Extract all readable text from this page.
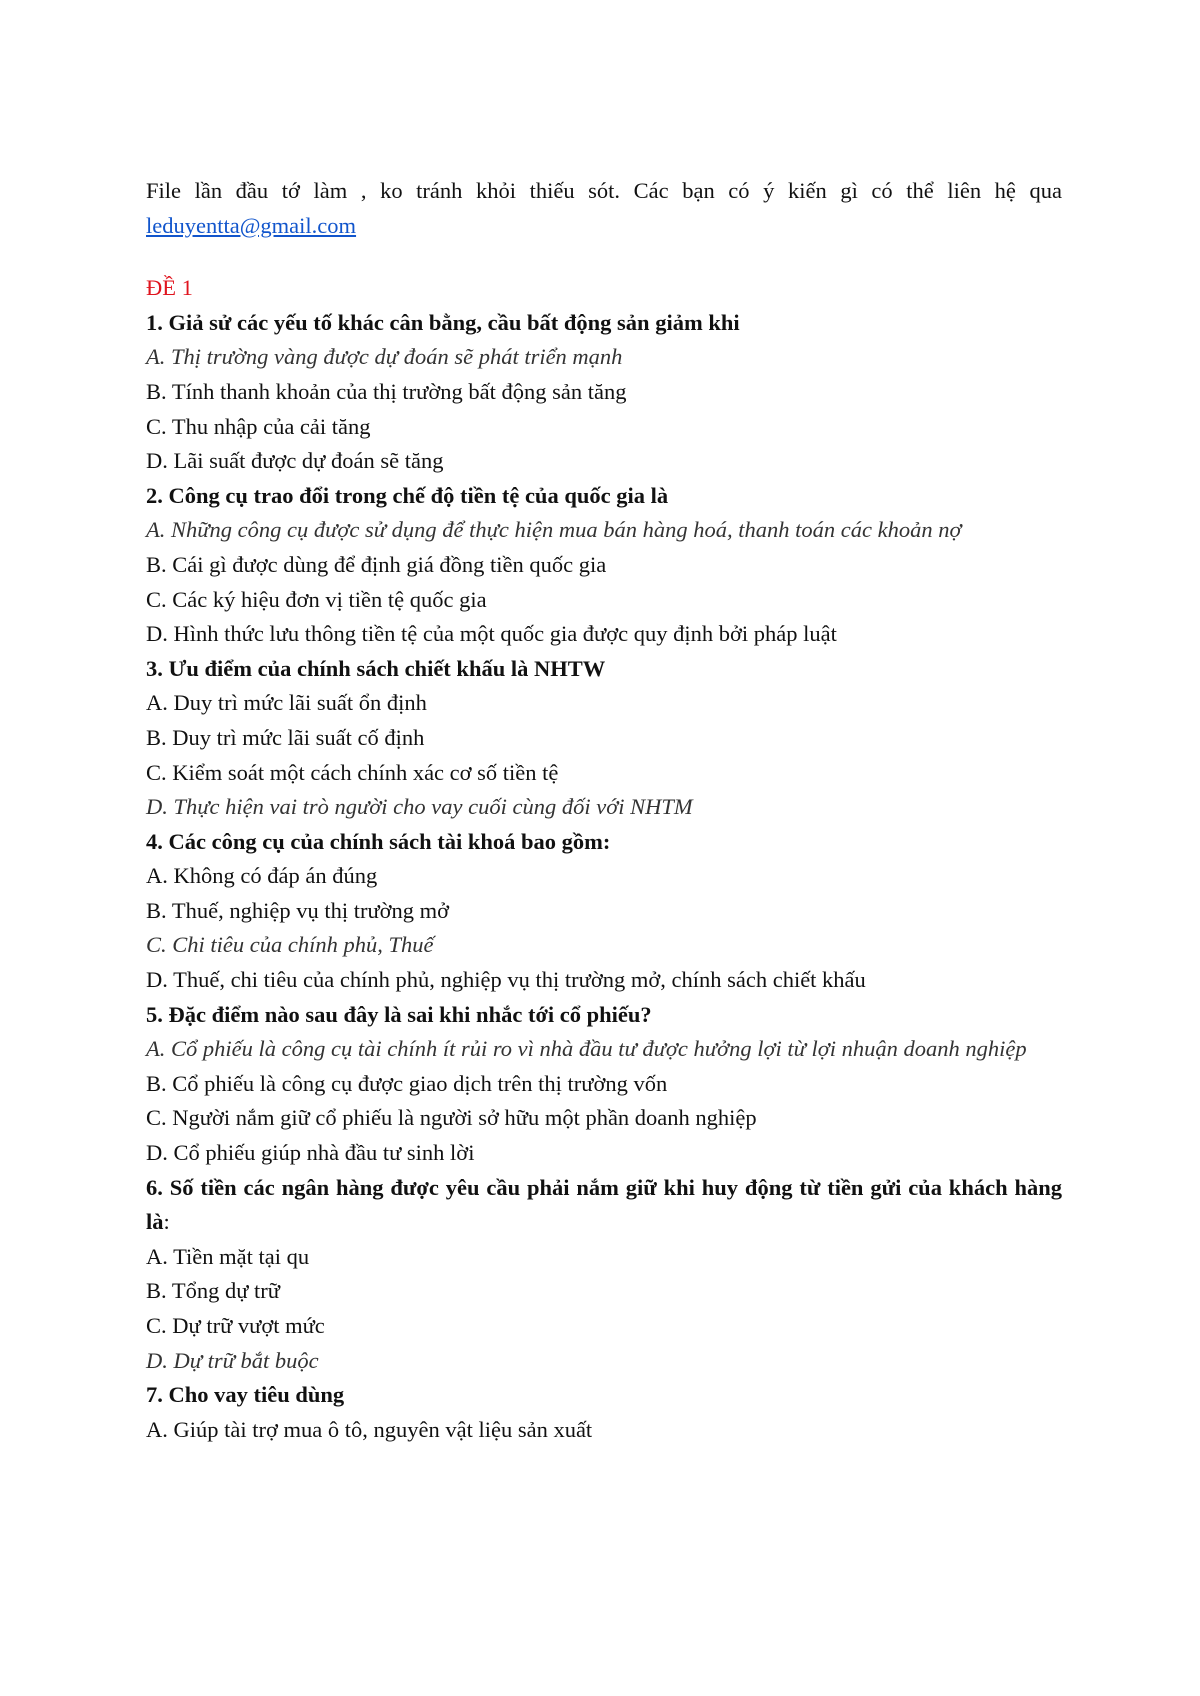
File lần đầu tớ làm , ko tránh khỏi thiếu sót. Các bạn có ý kiến gì có thể liên hệ qua
leduyentta@gmail.com

ĐỀ 1
1. Giả sử các yếu tố khác cân bằng, cầu bất động sản giảm khi
A. Thị trường vàng được dự đoán sẽ phát triển mạnh
B. Tính thanh khoản của thị trường bất động sản tăng
C. Thu nhập của cải tăng
D. Lãi suất được dự đoán sẽ tăng
2. Công cụ trao đổi trong chế độ tiền tệ của quốc gia là
A. Những công cụ được sử dụng để thực hiện mua bán hàng hoá, thanh toán các khoản nợ
B. Cái gì được dùng để định giá đồng tiền quốc gia
C. Các ký hiệu đơn vị tiền tệ quốc gia
D. Hình thức lưu thông tiền tệ của một quốc gia được quy định bởi pháp luật
3. Ưu điểm của chính sách chiết khấu là NHTW
A. Duy trì mức lãi suất ổn định
B. Duy trì mức lãi suất cố định
C. Kiểm soát một cách chính xác cơ số tiền tệ
D. Thực hiện vai trò người cho vay cuối cùng đối với NHTM
4. Các công cụ của chính sách tài khoá bao gồm:
A. Không có đáp án đúng
B. Thuế, nghiệp vụ thị trường mở
C. Chi tiêu của chính phủ, Thuế
D. Thuế, chi tiêu của chính phủ, nghiệp vụ thị trường mở, chính sách chiết khấu
5. Đặc điểm nào sau đây là sai khi nhắc tới cổ phiếu?
A. Cổ phiếu là công cụ tài chính ít rủi ro vì nhà đầu tư được hưởng lợi từ lợi nhuận doanh nghiệp
B. Cổ phiếu là công cụ được giao dịch trên thị trường vốn
C. Người nắm giữ cổ phiếu là người sở hữu một phần doanh nghiệp
D. Cổ phiếu giúp nhà đầu tư sinh lời
6. Số tiền các ngân hàng được yêu cầu phải nắm giữ khi huy động từ tiền gửi của khách hàng là:
A. Tiền mặt tại qu
B. Tổng dự trữ
C. Dự trữ vượt mức
D. Dự trữ bắt buộc
7. Cho vay tiêu dùng
A. Giúp tài trợ mua ô tô, nguyên vật liệu sản xuất
